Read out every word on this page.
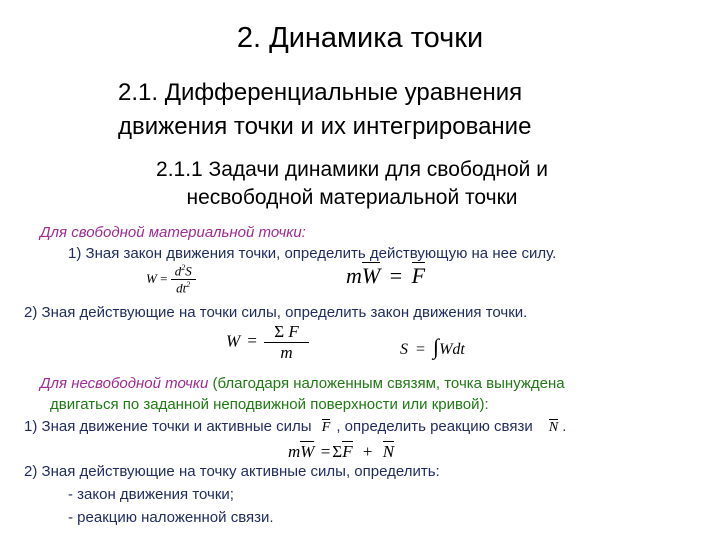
2. Динамика точки
2.1. Дифференциальные уравнения
движения точки и их интегрирование
2.1.1 Задачи динамики для свободной и
несвободной материальной точки
Для свободной материальной точки:
1) Зная закон движения точки, определить действующую на нее силу.
$W = \frac{d^2S}{dt^2}$	mW = F
2) Зная действующие на точки силы, определить закон движения точки.
$W = \frac{\text{Σ F}}{m}$	S = ∫Wdt
Для несвободной точки (благодаря наложенным связям, точка вынуждена
двигаться по заданной неподвижной поверхности или кривой):
1) Зная движение точки и активные силы F , определить реакцию связи N .
mW = ΣF + N
2) Зная действующие на точку активные силы, определить:
- закон движения точки;
- реакцию наложенной связи.
